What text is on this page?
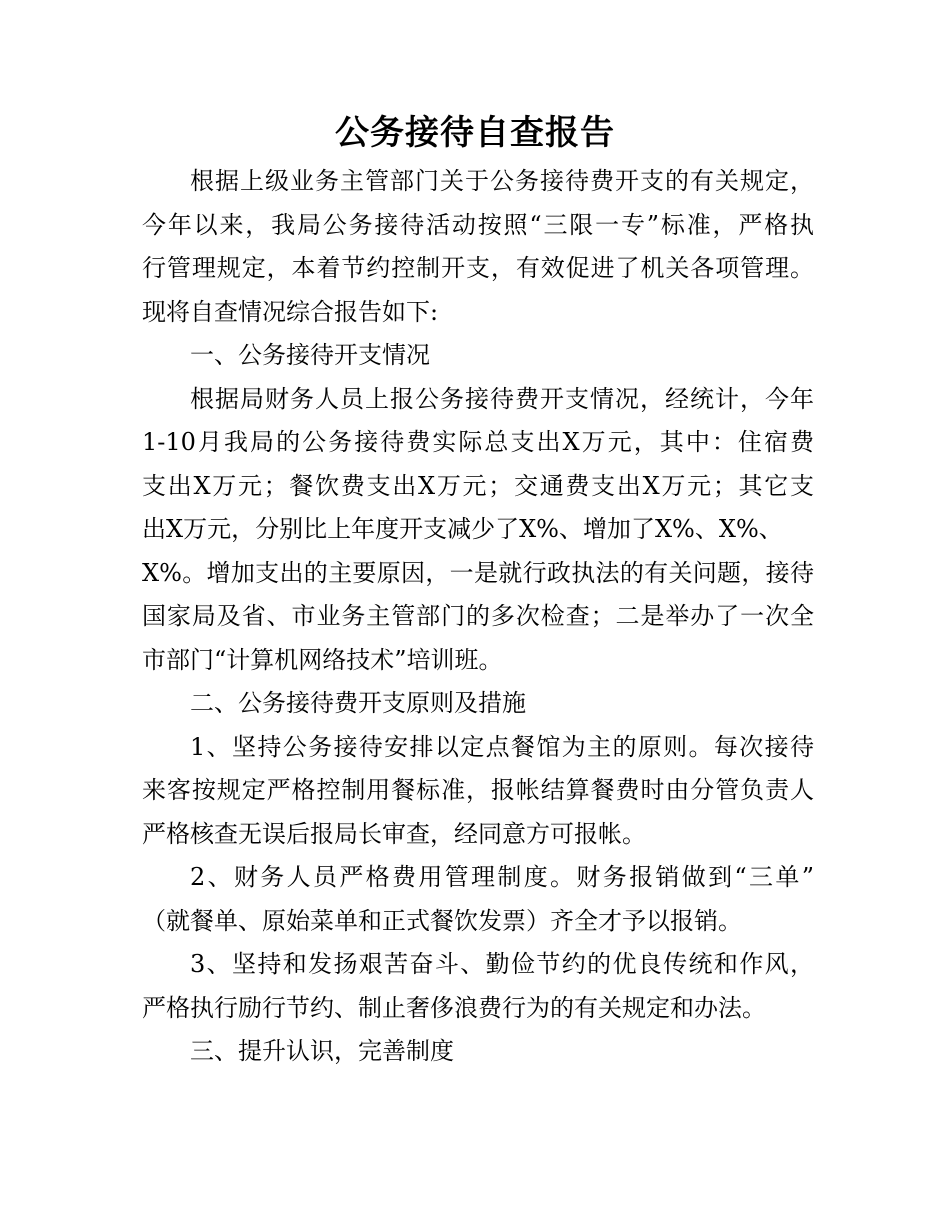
公务接待自查报告
根据上级业务主管部门关于公务接待费开支的有关规定，
今年以来，我局公务接待活动按照“三限一专”标准，严格执
行管理规定，本着节约控制开支，有效促进了机关各项管理。
现将自查情况综合报告如下:
一、公务接待开支情况
根据局财务人员上报公务接待费开支情况，经统计，今年
1-10月我局的公务接待费实际总支出X万元，其中：住宿费
支出X万元；餐饮费支出X万元；交通费支出X万元；其它支
出X万元，分别比上年度开支减少了X%、增加了X%、X%、
X%。增加支出的主要原因，一是就行政执法的有关问题，接待
国家局及省、市业务主管部门的多次检查；二是举办了一次全
市部门“计算机网络技术”培训班。
二、公务接待费开支原则及措施
1、坚持公务接待安排以定点餐馆为主的原则。每次接待
来客按规定严格控制用餐标准，报帐结算餐费时由分管负责人
严格核查无误后报局长审查，经同意方可报帐。
2、财务人员严格费用管理制度。财务报销做到“三单”
（就餐单、原始菜单和正式餐饮发票）齐全才予以报销。
3、坚持和发扬艰苦奋斗、勤俭节约的优良传统和作风，
严格执行励行节约、制止奢侈浪费行为的有关规定和办法。
三、提升认识，完善制度
